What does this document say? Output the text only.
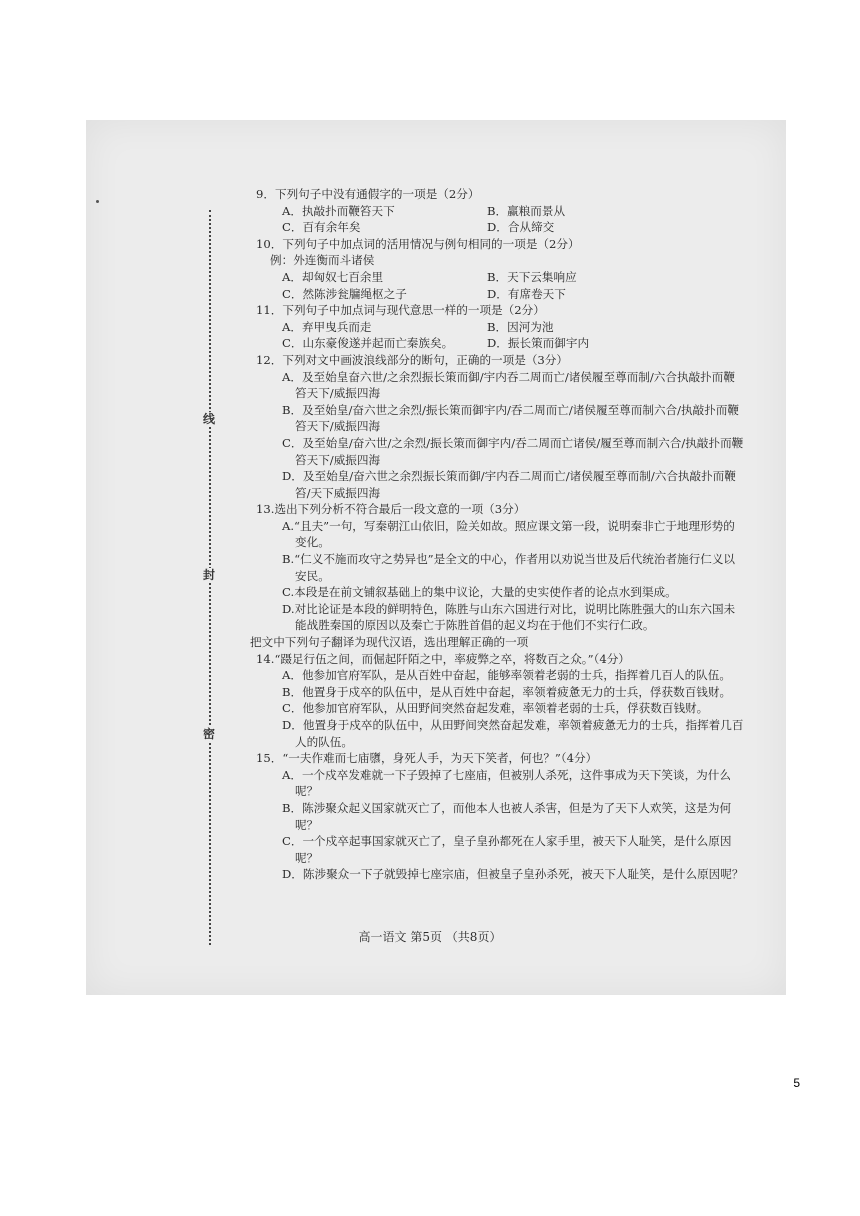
线
封
密

9．下列句子中没有通假字的一项是（2分）

A．执敲扑而鞭笞天下	B．赢粮而景从
C．百有余年矣	D．合从缔交

10．下列句子中加点词的活用情况与例句相同的一项是（2分）

例：外连衡而斗诸侯

A．却匈奴七百余里	B．天下云集响应
C．然陈涉瓮牖绳枢之子	D．有席卷天下

11．下列句子中加点词与现代意思一样的一项是（2分）

A．弃甲曳兵而走	B．因河为池
C．山东豪俊遂并起而亡秦族矣。	D．振长策而御宇内

12．下列对文中画波浪线部分的断句，正确的一项是（3分）

A．及至始皇奋六世/之余烈振长策而御/宇内吞二周而亡/诸侯履至尊而制/六合执敲扑而鞭笞天下/威振四海
B．及至始皇/奋六世之余烈/振长策而御宇内/吞二周而亡/诸侯履至尊而制六合/执敲扑而鞭笞天下/威振四海
C．及至始皇/奋六世/之余烈/振长策而御宇内/吞二周而亡诸侯/履至尊而制六合/执敲扑而鞭笞天下/威振四海
D．及至始皇/奋六世之余烈振长策而御/宇内吞二周而亡/诸侯履至尊而制/六合执敲扑而鞭笞/天下威振四海

13.选出下列分析不符合最后一段文意的一项（3分）

A.“且夫”一句，写秦朝江山依旧，险关如故。照应课文第一段，说明秦非亡于地理形势的变化。
B.“仁义不施而攻守之势异也”是全文的中心，作者用以劝说当世及后代统治者施行仁义以安民。
C.本段是在前文铺叙基础上的集中议论，大量的史实使作者的论点水到渠成。
D.对比论证是本段的鲜明特色，陈胜与山东六国进行对比，说明比陈胜强大的山东六国未能战胜秦国的原因以及秦亡于陈胜首倡的起义均在于他们不实行仁政。

把文中下列句子翻译为现代汉语，选出理解正确的一项

14.“蹑足行伍之间，而倔起阡陌之中，率疲弊之卒，将数百之众。”（4分）

A．他参加官府军队，是从百姓中奋起，能够率领着老弱的士兵，指挥着几百人的队伍。
B．他置身于戍卒的队伍中，是从百姓中奋起，率领着疲惫无力的士兵，俘获数百钱财。
C．他参加官府军队，从田野间突然奋起发难，率领着老弱的士兵，俘获数百钱财。
D．他置身于戍卒的队伍中，从田野间突然奋起发难，率领着疲惫无力的士兵，指挥着几百人的队伍。

15．“一夫作难而七庙隳，身死人手，为天下笑者，何也？”（4分）

A．一个戍卒发难就一下子毁掉了七座庙，但被别人杀死，这件事成为天下笑谈，为什么呢？
B．陈涉聚众起义国家就灭亡了，而他本人也被人杀害，但是为了天下人欢笑，这是为何呢？
C．一个戍卒起事国家就灭亡了，皇子皇孙都死在人家手里，被天下人耻笑，是什么原因呢？
D．陈涉聚众一下子就毁掉七座宗庙，但被皇子皇孙杀死，被天下人耻笑，是什么原因呢？
高一语文 第5页 （共8页）
5
